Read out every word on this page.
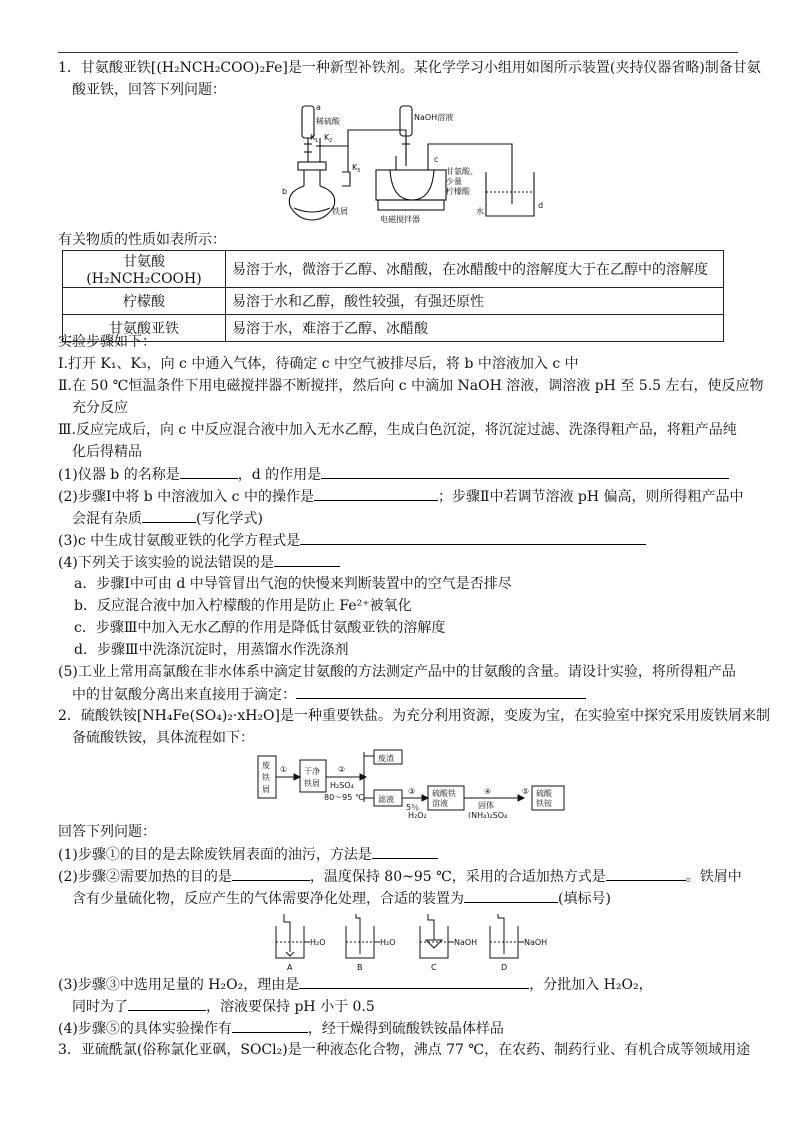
1．甘氨酸亚铁[(H₂NCH₂COO)₂Fe]是一种新型补铁剂。某化学学习小组用如图所示装置(夹持仪器省略)制备甘氨
酸亚铁，回答下列问题：
a
稀硫酸
K 1 K 2
K 3
b
铁屑
NaOH溶液
c
甘氨酸、
少量
柠檬酸
电磁搅拌器
水
d
有关物质的性质如表所示：
甘氨酸(H₂NCH₂COOH)	易溶于水，微溶于乙醇、冰醋酸，在冰醋酸中的溶解度大于在乙醇中的溶解度
柠檬酸	易溶于水和乙醇，酸性较强，有强还原性
甘氨酸亚铁	易溶于水，难溶于乙醇、冰醋酸
实验步骤如下：
Ⅰ.打开 K₁、K₃，向 c 中通入气体，待确定 c 中空气被排尽后，将 b 中溶液加入 c 中
Ⅱ.在 50 ℃恒温条件下用电磁搅拌器不断搅拌，然后向 c 中滴加 NaOH 溶液，调溶液 pH 至 5.5 左右，使反应物
充分反应
Ⅲ.反应完成后，向 c 中反应混合液中加入无水乙醇，生成白色沉淀，将沉淀过滤、洗涤得粗产品，将粗产品纯
化后得精品
(1)仪器 b 的名称是	，d 的作用是
(2)步骤Ⅰ中将 b 中溶液加入 c 中的操作是	；步骤Ⅱ中若调节溶液 pH 偏高，则所得粗产品中
会混有杂质	(写化学式)
(3)c 中生成甘氨酸亚铁的化学方程式是
(4)下列关于该实验的说法错误的是
a．步骤Ⅰ中可由 d 中导管冒出气泡的快慢来判断装置中的空气是否排尽
b．反应混合液中加入柠檬酸的作用是防止 Fe²⁺被氧化
c．步骤Ⅲ中加入无水乙醇的作用是降低甘氨酸亚铁的溶解度
d．步骤Ⅲ中洗涤沉淀时，用蒸馏水作洗涤剂
(5)工业上常用高氯酸在非水体系中滴定甘氨酸的方法测定产品中的甘氨酸的含量。请设计实验，将所得粗产品
中的甘氨酸分离出来直接用于滴定：
2．硫酸铁铵[NH₄Fe(SO₄)₂·xH₂O]是一种重要铁盐。为充分利用资源，变废为宝，在实验室中探究采用废铁屑来制
备硫酸铁铵，具体流程如下：
废
铁
屑
① 干净
铁屑
②
H₂SO₄
80～95 ℃
废渣
滤液
③
5％
H₂O₂
硫酸铁
溶液
④
固体
(NH₄)₂SO₄
⑤ 硫酸
铁铵
回答下列问题：
(1)步骤①的目的是去除废铁屑表面的油污，方法是
(2)步骤②需要加热的目的是	，温度保持 80~95 ℃，采用的合适加热方式是	。铁屑中
含有少量硫化物，反应产生的气体需要净化处理，合适的装置为	(填标号)
H₂O	H₂O	NaOH	NaOH
A	B	C	D
(3)步骤③中选用足量的 H₂O₂，理由是	，分批加入 H₂O₂，
同时为了	，溶液要保持 pH 小于 0.5
(4)步骤⑤的具体实验操作有	，经干燥得到硫酸铁铵晶体样品
3．亚硫酰氯(俗称氯化亚砜，SOCl₂)是一种液态化合物，沸点 77 ℃，在农药、制药行业、有机合成等领域用途
